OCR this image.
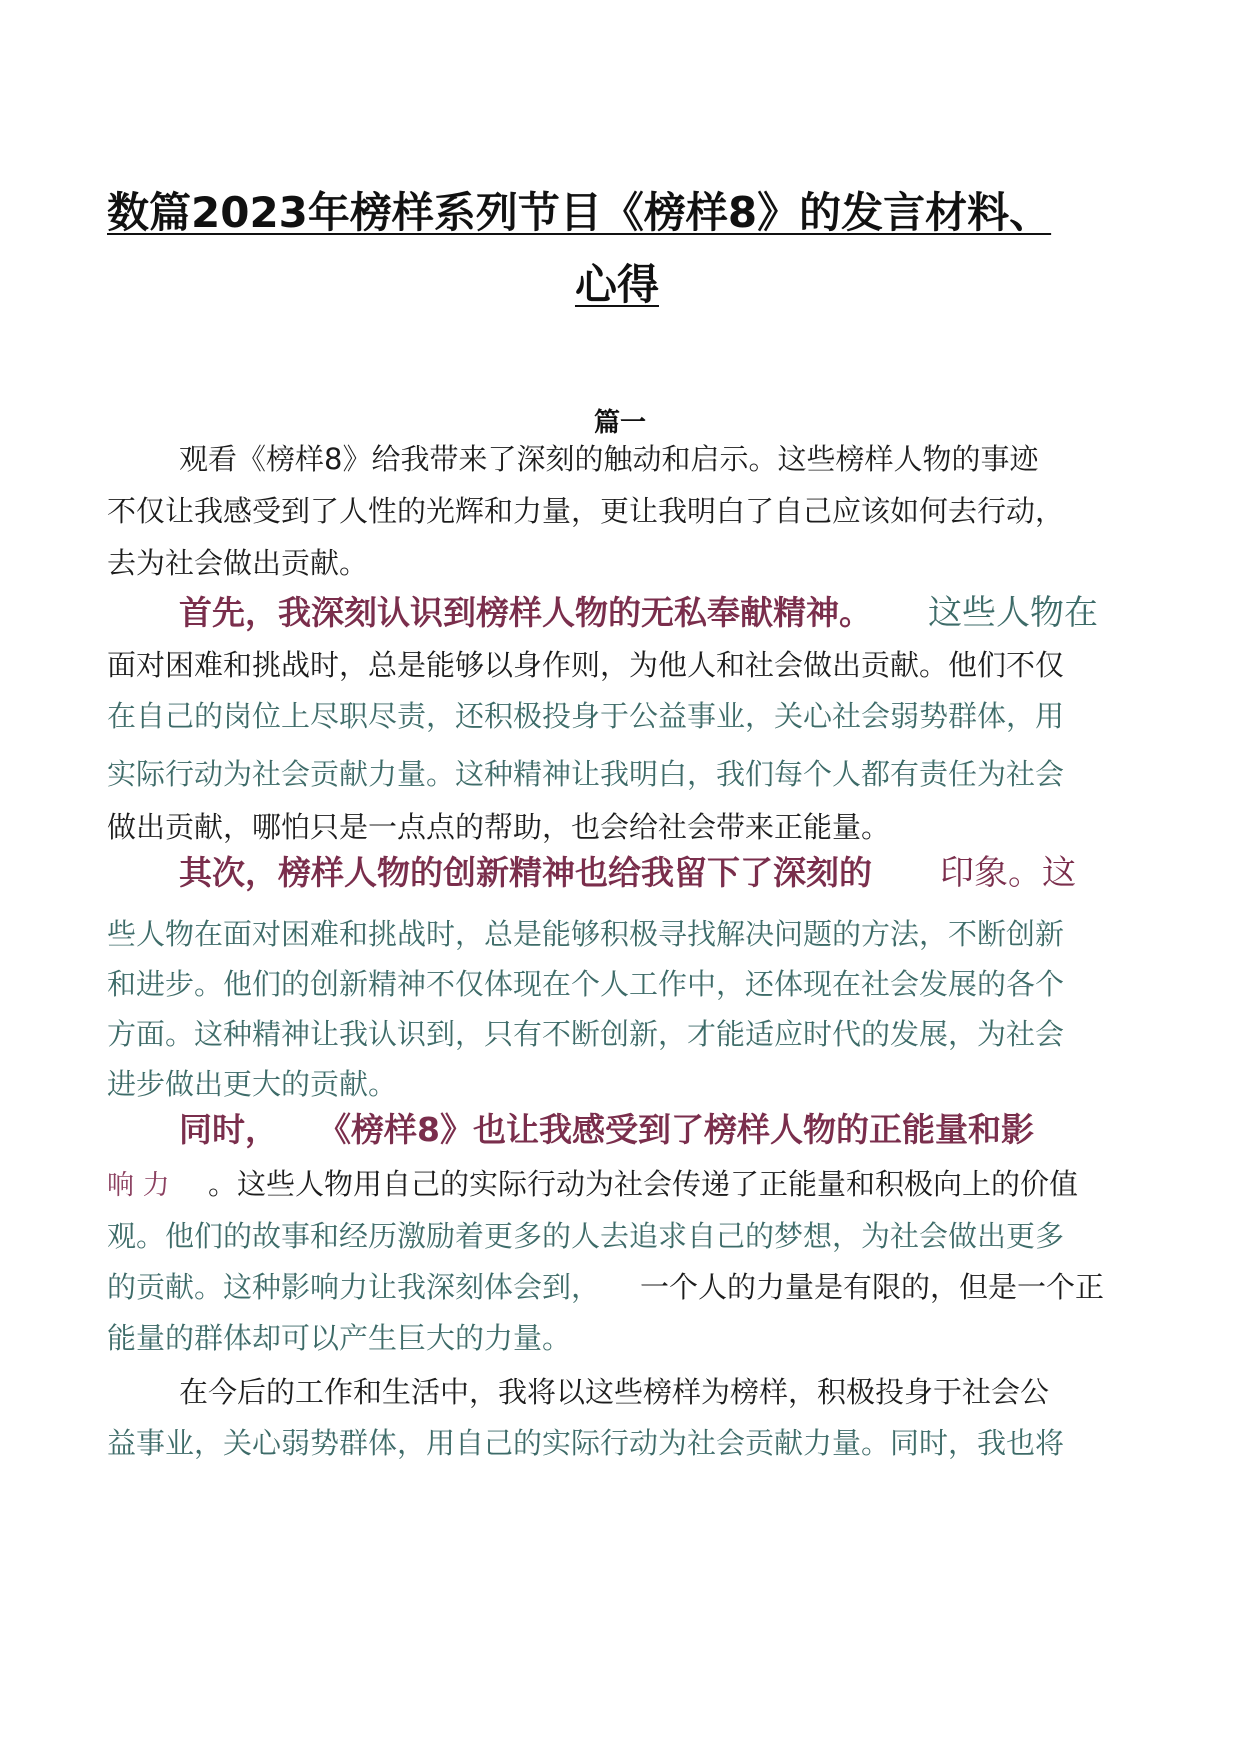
数篇2023年榜样系列节目《榜样8》的发言材料、
心得
篇一
观看《榜样8》给我带来了深刻的触动和启示。这些榜样人物的事迹
不仅让我感受到了人性的光辉和力量，更让我明白了自己应该如何去行动，
去为社会做出贡献。
首先，我深刻认识到榜样人物的无私奉献精神。 这些人物在
面对困难和挑战时，总是能够以身作则，为他人和社会做出贡献。他们不仅
在自己的岗位上尽职尽责，还积极投身于公益事业，关心社会弱势群体，用
实际行动为社会贡献力量。这种精神让我明白，我们每个人都有责任为社会
做出贡献，哪怕只是一点点的帮助，也会给社会带来正能量。
其次，榜样人物的创新精神也给我留下了深刻的 印象。这
些人物在面对困难和挑战时，总是能够积极寻找解决问题的方法，不断创新
和进步。他们的创新精神不仅体现在个人工作中，还体现在社会发展的各个
方面。这种精神让我认识到，只有不断创新，才能适应时代的发展，为社会
进步做出更大的贡献。
同时， 《榜样8》也让我感受到了榜样人物的正能量和影
响 力 。这些人物用自己的实际行动为社会传递了正能量和积极向上的价值
观。他们的故事和经历激励着更多的人去追求自己的梦想，为社会做出更多
的贡献。这种影响力让我深刻体会到， 一个人的力量是有限的，但是一个正
能量的群体却可以产生巨大的力量。
在今后的工作和生活中，我将以这些榜样为榜样，积极投身于社会公
益事业，关心弱势群体，用自己的实际行动为社会贡献力量。同时，我也将
